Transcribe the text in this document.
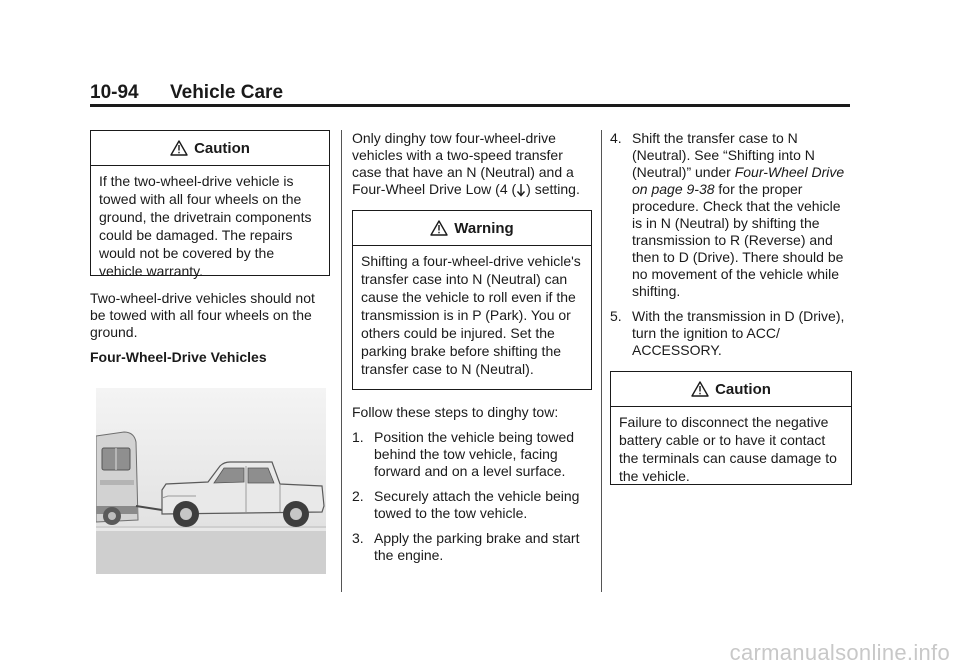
10-94 Vehicle Care
Caution
If the two-wheel-drive vehicle is towed with all four wheels on the ground, the drivetrain components could be damaged. The repairs would not be covered by the vehicle warranty.

Two-wheel-drive vehicles should not be towed with all four wheels on the ground.

Four-Wheel-Drive Vehicles

Only dinghy tow four-wheel-drive vehicles with a two-speed transfer case that have an N (Neutral) and a Four-Wheel Drive Low (4 ( ) setting.

Warning
Shifting a four-wheel-drive vehicle's transfer case into N (Neutral) can cause the vehicle to roll even if the transmission is in P (Park). You or others could be injured. Set the parking brake before shifting the transfer case to N (Neutral).

Follow these steps to dinghy tow:

1. Position the vehicle being towed behind the tow vehicle, facing forward and on a level surface.
2. Securely attach the vehicle being towed to the tow vehicle.
3. Apply the parking brake and start the engine.
4. Shift the transfer case to N (Neutral). See “Shifting into N (Neutral)” under Four-Wheel Drive on page 9-38 for the proper procedure. Check that the vehicle is in N (Neutral) by shifting the transmission to R (Reverse) and then to D (Drive). There should be no movement of the vehicle while shifting.
5. With the transmission in D (Drive), turn the ignition to ACC/ ACCESSORY.
Caution
Failure to disconnect the negative battery cable or to have it contact the terminals can cause damage to the vehicle.
carmanualsonline.info
